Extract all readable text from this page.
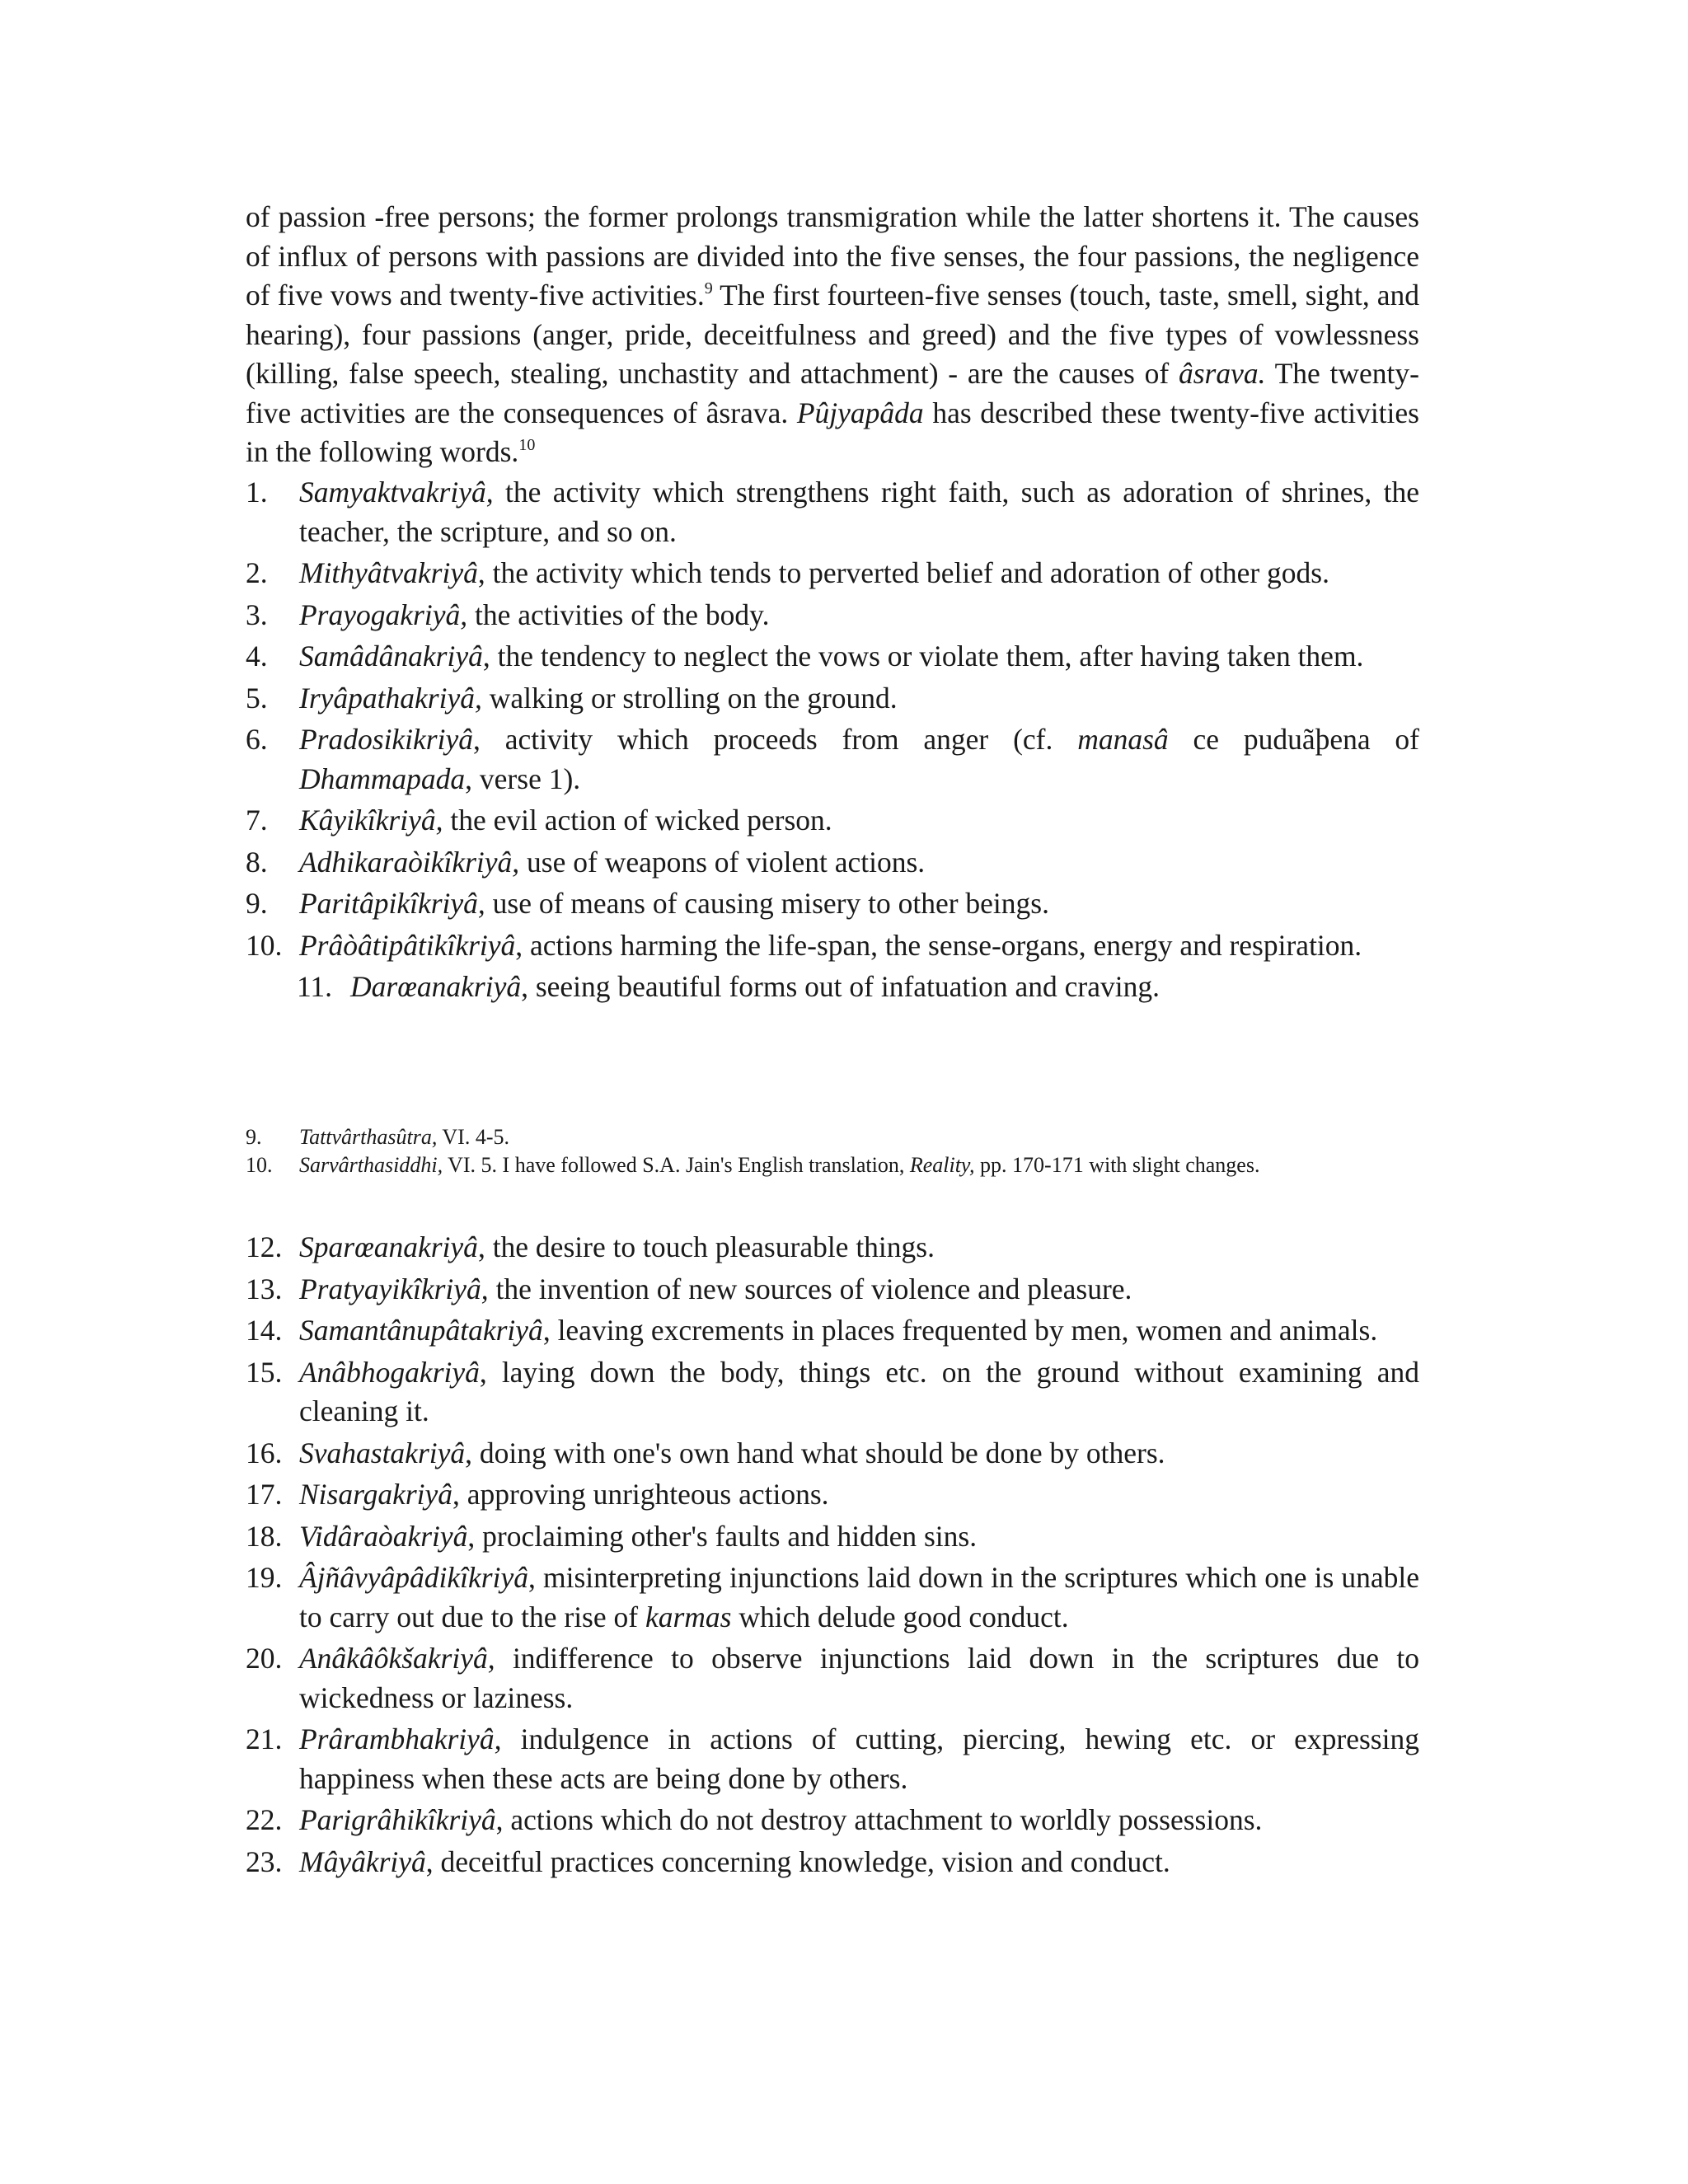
of passion -free persons; the former prolongs transmigration while the latter shortens it. The causes of influx of persons with passions are divided into the five senses, the four passions, the negligence of five vows and twenty-five activities.$^9$ The first fourteen-five senses (touch, taste, smell, sight, and hearing), four passions (anger, pride, deceitfulness and greed) and the five types of vowlessness (killing, false speech, stealing, unchastity and attachment) - are the causes of âsrava. The twenty-five activities are the consequences of âsrava. Pûjyapâda has described these twenty-five activities in the following words.$^{10}$

1. Samyaktvakriyâ, the activity which strengthens right faith, such as adoration of shrines, the teacher, the scripture, and so on.
2. Mithyâtvakriyâ, the activity which tends to perverted belief and adoration of other gods.
3. Prayogakriyâ, the activities of the body.
4. Samâdânakriyâ, the tendency to neglect the vows or violate them, after having taken them.
5. Iryâpathakriyâ, walking or strolling on the ground.
6. Pradosikikriyâ, activity which proceeds from anger (cf. manasâ ce puduãþena of Dhammapada, verse 1).
7. Kâyikîkriyâ, the evil action of wicked person.
8. Adhikaraòikîkriyâ, use of weapons of violent actions.
9. Paritâpikîkriyâ, use of means of causing misery to other beings.
10. Prâòâtipâtikîkriyâ, actions harming the life-span, the sense-organs, energy and respiration.
11. Darœanakriyâ, seeing beautiful forms out of infatuation and craving.
9. Tattvârthasûtra, VI. 4-5.
10. Sarvârthasiddhi, VI. 5. I have followed S.A. Jain's English translation, Reality, pp. 170-171 with slight changes.
12. Sparœanakriyâ, the desire to touch pleasurable things.
13. Pratyayikîkriyâ, the invention of new sources of violence and pleasure.
14. Samantânupâtakriyâ, leaving excrements in places frequented by men, women and animals.
15. Anâbhogakriyâ, laying down the body, things etc. on the ground without examining and cleaning it.
16. Svahastakriyâ, doing with one's own hand what should be done by others.
17. Nisargakriyâ, approving unrighteous actions.
18. Vidâraòakriyâ, proclaiming other's faults and hidden sins.
19. Âjñâvyâpâdikîkriyâ, misinterpreting injunctions laid down in the scriptures which one is unable to carry out due to the rise of karmas which delude good conduct.
20. Anâkâôkšakriyâ, indifference to observe injunctions laid down in the scriptures due to wickedness or laziness.
21. Prârambhakriyâ, indulgence in actions of cutting, piercing, hewing etc. or expressing happiness when these acts are being done by others.
22. Parigrâhikîkriyâ, actions which do not destroy attachment to worldly possessions.
23. Mâyâkriyâ, deceitful practices concerning knowledge, vision and conduct.
